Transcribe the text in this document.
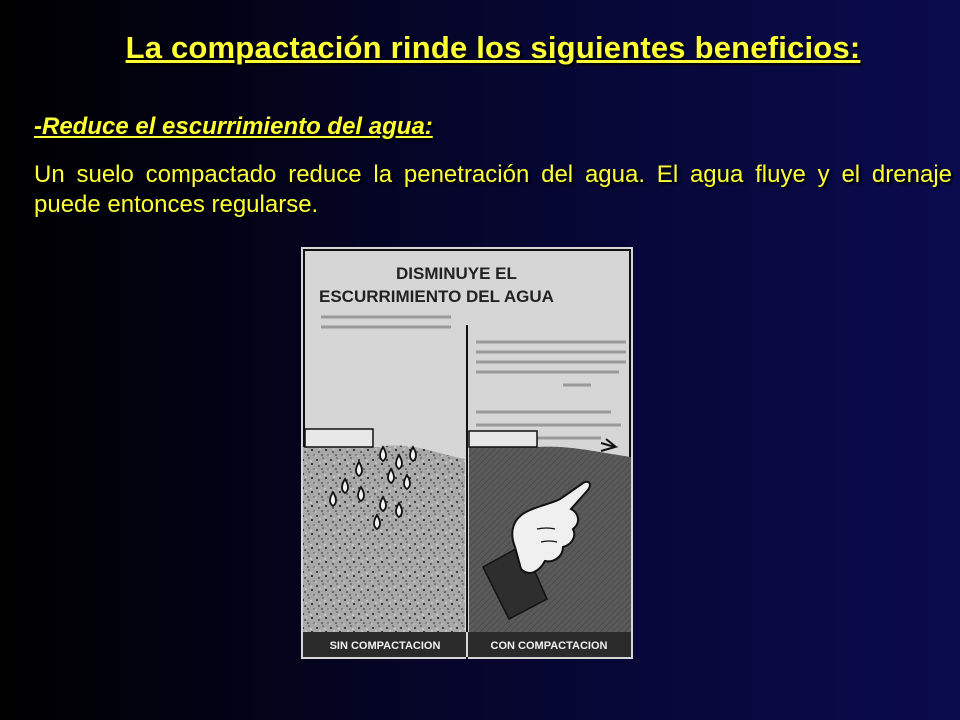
La compactación rinde los siguientes beneficios:
-Reduce el escurrimiento del agua:
Un suelo compactado reduce la penetración del agua. El agua fluye y el drenaje puede entonces regularse.
DISMINUYE EL
ESCURRIMIENTO DEL AGUA
SIN COMPACTACION	CON COMPACTACION
